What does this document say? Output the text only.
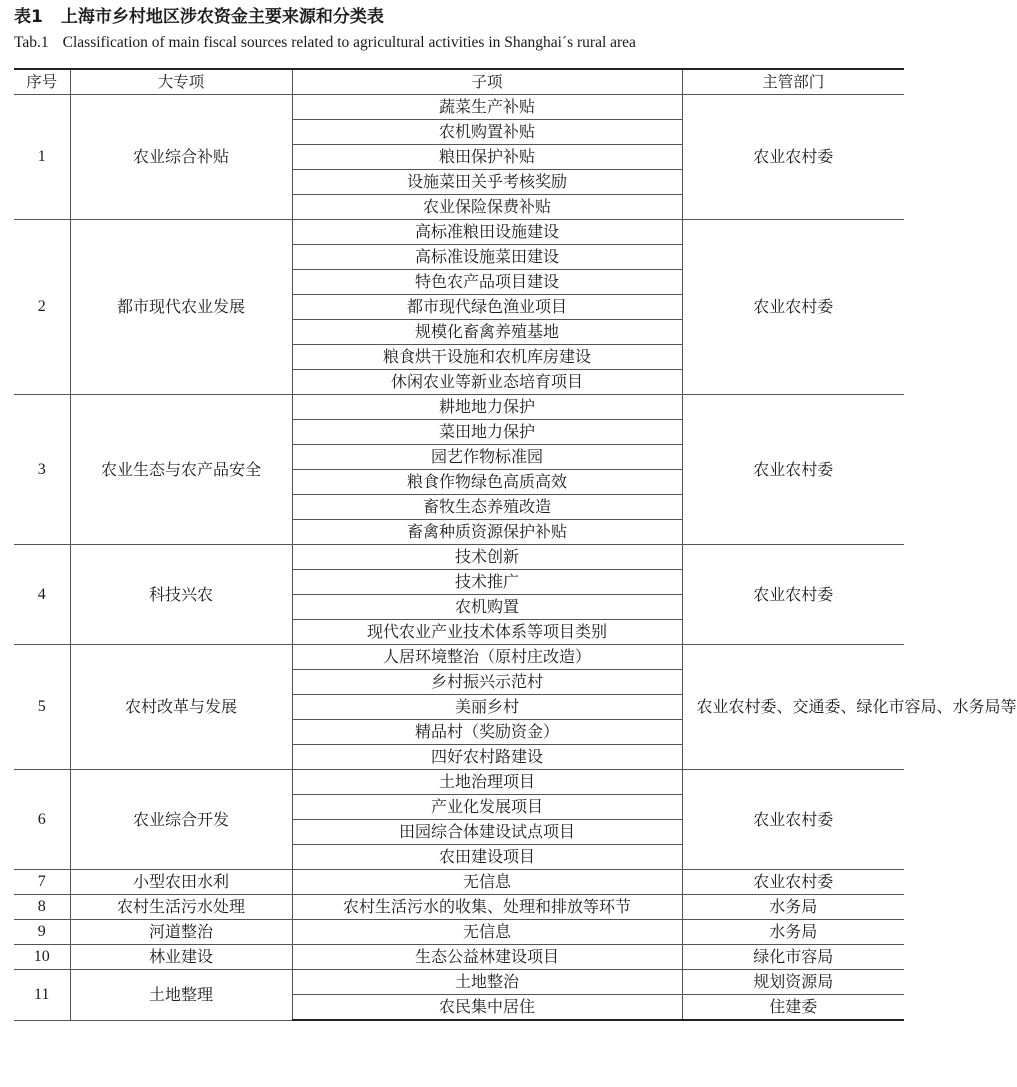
表1 上海市乡村地区涉农资金主要来源和分类表
Tab.1 Classification of main fiscal sources related to agricultural activities in Shanghai´s rural area
序号	大专项	子项	主管部门
1	农业综合补贴	蔬菜生产补贴	农业农村委
		农机购置补贴	
		粮田保护补贴	
		设施菜田关乎考核奖励	
		农业保险保费补贴	
2	都市现代农业发展	高标准粮田设施建设	农业农村委
		高标准设施菜田建设	
		特色农产品项目建设	
		都市现代绿色渔业项目	
		规模化畜禽养殖基地	
		粮食烘干设施和农机库房建设	
		休闲农业等新业态培育项目	
3	农业生态与农产品安全	耕地地力保护	农业农村委
		菜田地力保护	
		园艺作物标准园	
		粮食作物绿色高质高效	
		畜牧生态养殖改造	
		畜禽种质资源保护补贴	
4	科技兴农	技术创新	农业农村委
		技术推广	
		农机购置	
		现代农业产业技术体系等项目类别	
5	农村改革与发展	人居环境整治（原村庄改造）	农业农村委、交通委、绿化市容局、水务局等
		乡村振兴示范村	
		美丽乡村	
		精品村（奖励资金）	
		四好农村路建设	
6	农业综合开发	土地治理项目	农业农村委
		产业化发展项目	
		田园综合体建设试点项目	
		农田建设项目	
7	小型农田水利	无信息	农业农村委
8	农村生活污水处理	农村生活污水的收集、处理和排放等环节	水务局
9	河道整治	无信息	水务局
10	林业建设	生态公益林建设项目	绿化市容局
11	土地整理	土地整治	规划资源局
		农民集中居住	住建委
